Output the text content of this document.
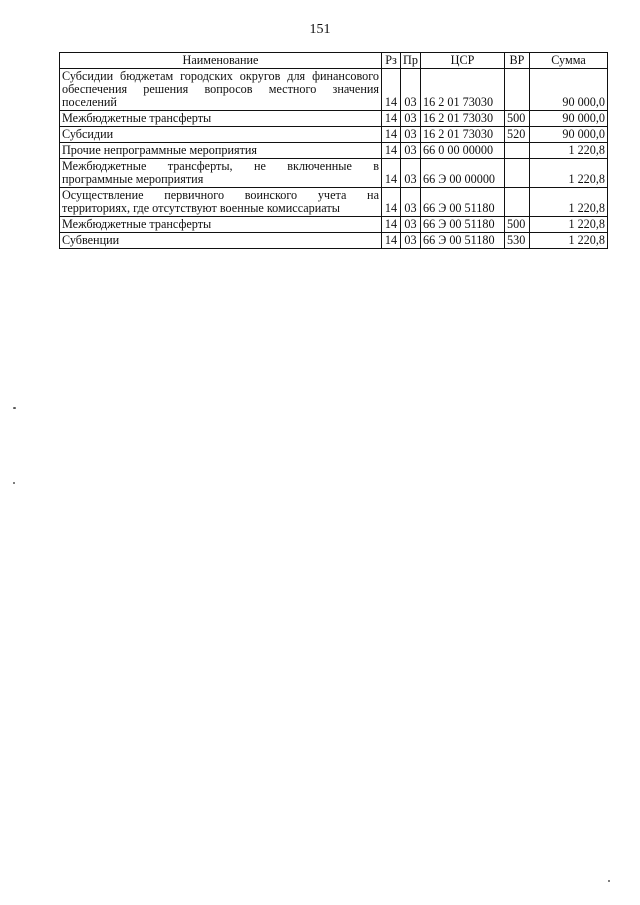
151
Наименование	Рз	Пр	ЦСР	ВР	Сумма
Субсидии бюджетам городских округов для финансового обеспечения решения вопросов местного значения поселений	14	03	16 2 01 73030		90 000,0
Межбюджетные трансферты	14	03	16 2 01 73030	500	90 000,0
Субсидии	14	03	16 2 01 73030	520	90 000,0
Прочие непрограммные мероприятия	14	03	66 0 00 00000		1 220,8
Межбюджетные трансферты, не включенные в программные мероприятия	14	03	66 Э 00 00000		1 220,8
Осуществление первичного воинского учета на территориях, где отсутствуют военные комиссариаты	14	03	66 Э 00 51180		1 220,8
Межбюджетные трансферты	14	03	66 Э 00 51180	500	1 220,8
Субвенции	14	03	66 Э 00 51180	530	1 220,8
